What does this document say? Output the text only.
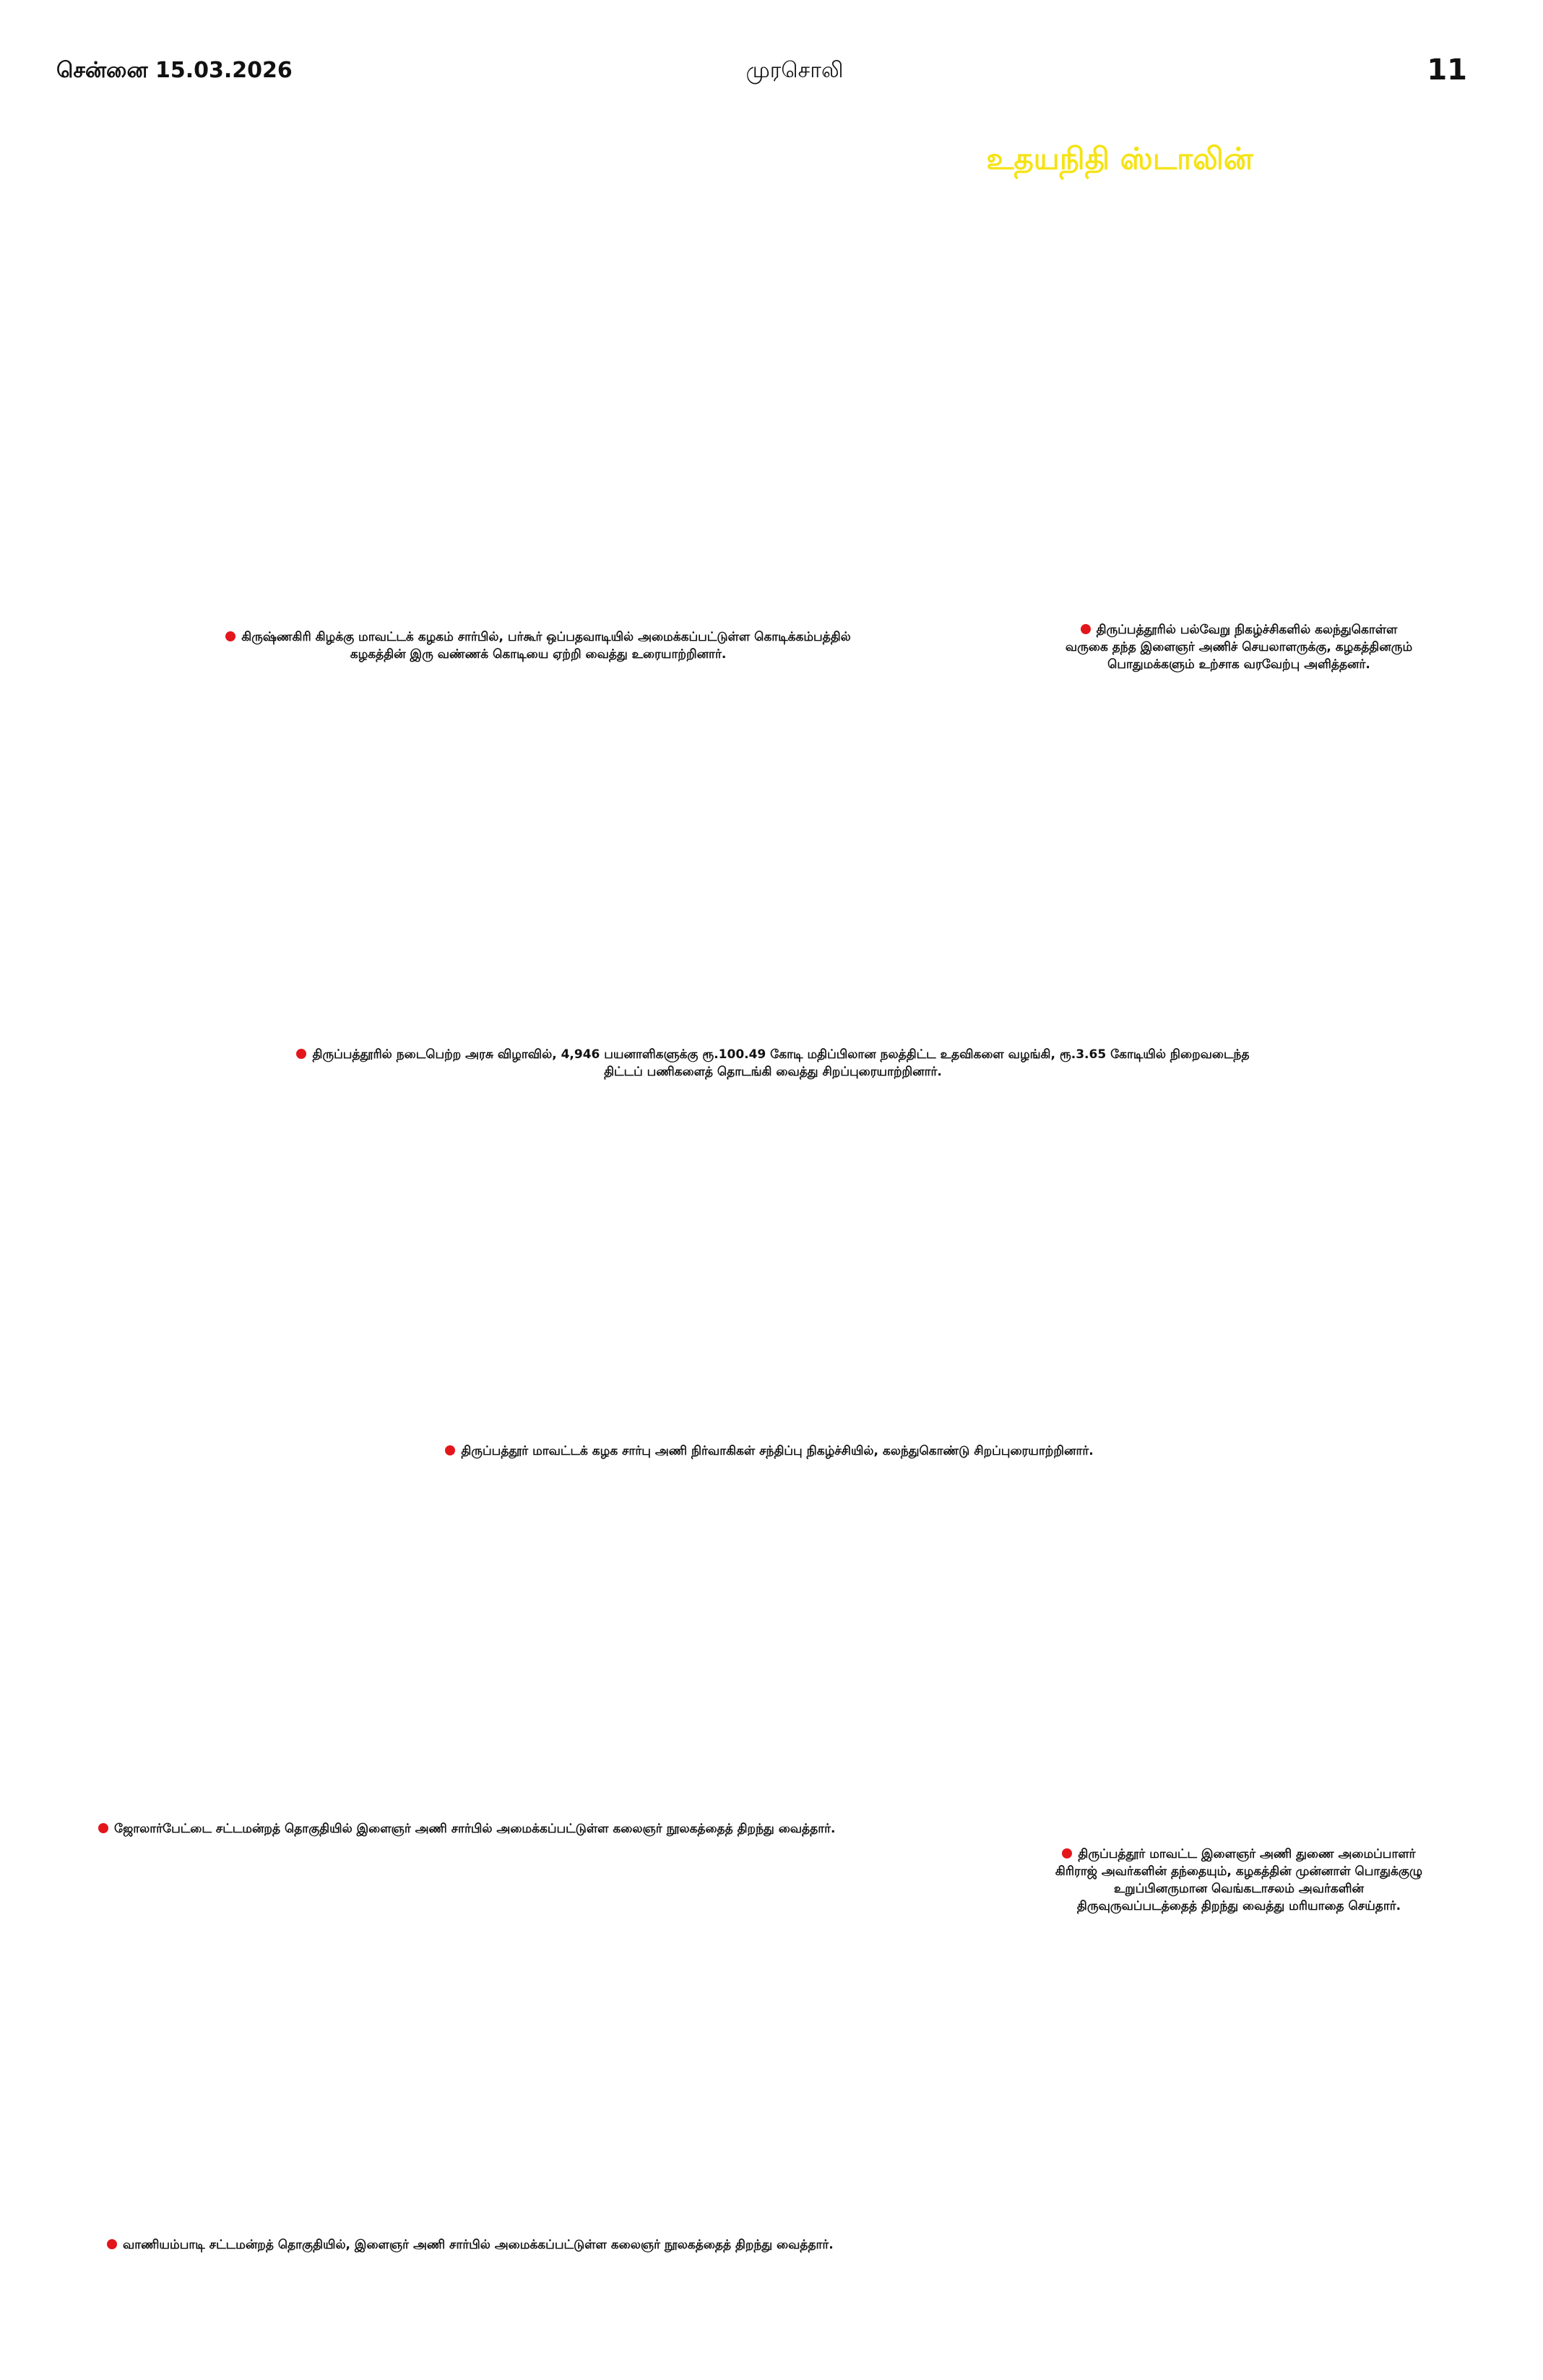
சென்னை 15.03.2026	முரசொலி	11
உதயநிதி ஸ்டாலின்
கிருஷ்ணகிரி கிழக்கு மாவட்டக் கழகம் சார்பில், பர்கூர் ஒப்பதவாடியில் அமைக்கப்பட்டுள்ள கொடிக்கம்பத்தில்
கழகத்தின் இரு வண்ணக் கொடியை ஏற்றி வைத்து உரையாற்றினார்.
திருப்பத்தூரில் பல்வேறு நிகழ்ச்சிகளில் கலந்துகொள்ள
வருகை தந்த இளைஞர் அணிச் செயலாளருக்கு, கழகத்தினரும்
பொதுமக்களும் உற்சாக வரவேற்பு அளித்தனர்.
திருப்பத்தூரில் நடைபெற்ற அரசு விழாவில், 4,946 பயனாளிகளுக்கு ரூ.100.49 கோடி மதிப்பிலான நலத்திட்ட உதவிகளை வழங்கி, ரூ.3.65 கோடியில் நிறைவடைந்த
திட்டப் பணிகளைத் தொடங்கி வைத்து சிறப்புரையாற்றினார்.
திருப்பத்தூர் மாவட்டக் கழக சார்பு அணி நிர்வாகிகள் சந்திப்பு நிகழ்ச்சியில், கலந்துகொண்டு சிறப்புரையாற்றினார்.
ஜோலார்பேட்டை சட்டமன்றத் தொகுதியில் இளைஞர் அணி சார்பில் அமைக்கப்பட்டுள்ள கலைஞர் நூலகத்தைத் திறந்து வைத்தார்.
திருப்பத்தூர் மாவட்ட இளைஞர் அணி துணை அமைப்பாளர்
கிரிராஜ் அவர்களின் தந்தையும், கழகத்தின் முன்னாள் பொதுக்குழு
உறுப்பினருமான வெங்கடாசலம் அவர்களின்
திருவுருவப்படத்தைத் திறந்து வைத்து மரியாதை செய்தார்.
வாணியம்பாடி சட்டமன்றத் தொகுதியில், இளைஞர் அணி சார்பில் அமைக்கப்பட்டுள்ள கலைஞர் நூலகத்தைத் திறந்து வைத்தார்.
